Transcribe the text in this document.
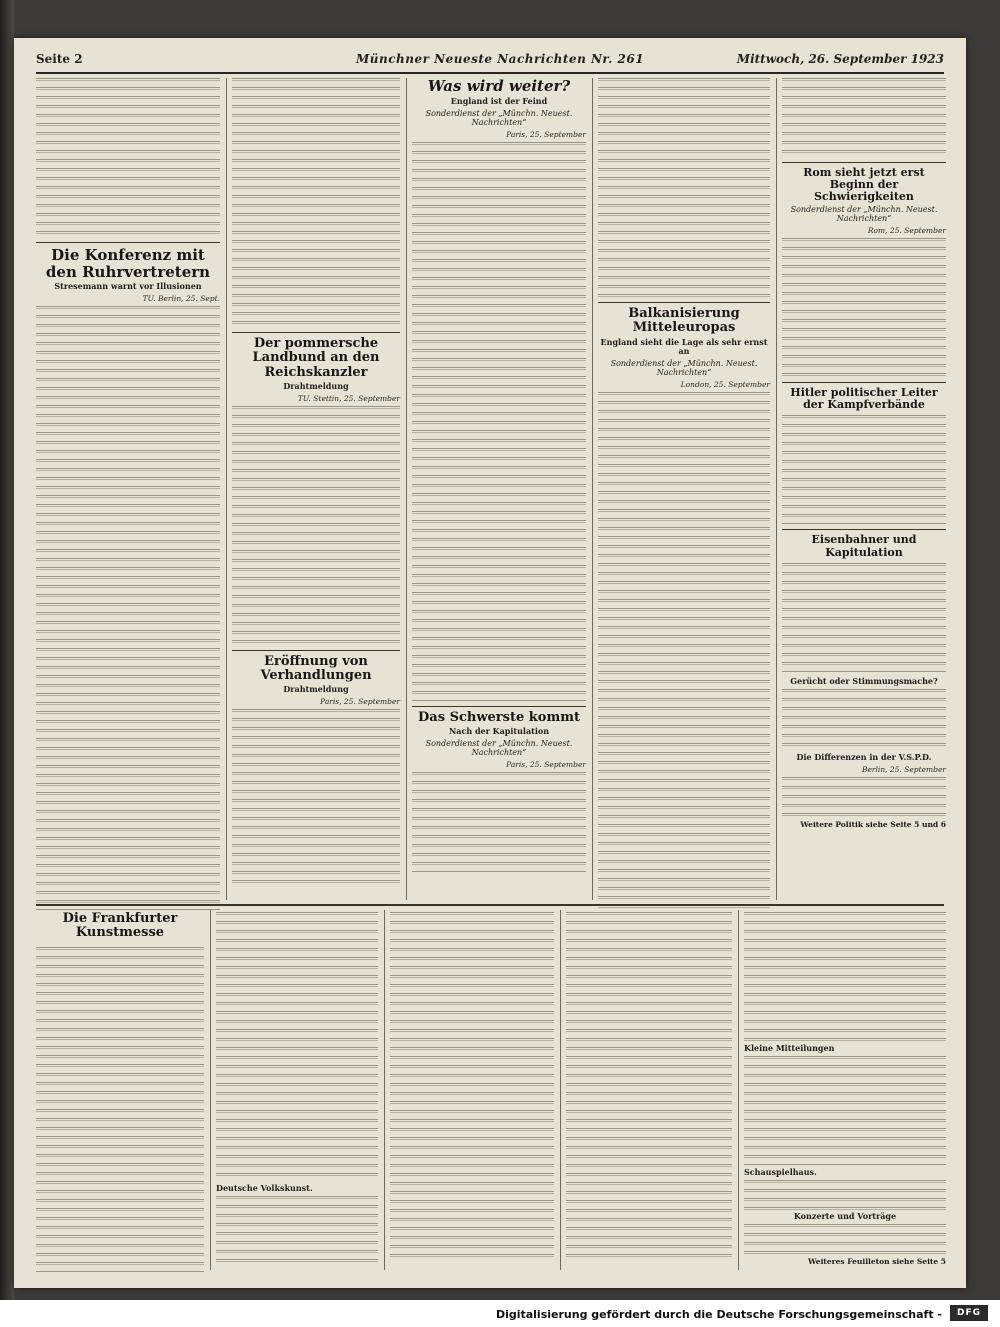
Seite 2	Münchner Neueste Nachrichten Nr. 261	Mittwoch, 26. September 1923
Die Konferenz mit den Ruhrvertretern
Stresemann warnt vor Illusionen
TU. Berlin, 25. Sept.
Der pommersche Landbund an den Reichskanzler
Drahtmeldung
TU. Stettin, 25. September
Eröffnung von Verhandlungen
Drahtmeldung
Paris, 25. September
Was wird weiter?
England ist der Feind
Sonderdienst der „Münchn. Neuest. Nachrichten“
Paris, 25. September
Das Schwerste kommt
Nach der Kapitulation
Sonderdienst der „Münchn. Neuest. Nachrichten“
Paris, 25. September
Balkanisierung Mitteleuropas
England sieht die Lage als sehr ernst an
Sonderdienst der „Münchn. Neuest. Nachrichten“
London, 25. September
Rom sieht jetzt erst Beginn der Schwierigkeiten
Sonderdienst der „Münchn. Neuest. Nachrichten“
Rom, 25. September
Hitler politischer Leiter der Kampfverbände
Eisenbahner und Kapitulation
Gerücht oder Stimmungsmache?
Die Differenzen in der V.S.P.D.
Berlin, 25. September
Weitere Politik siehe Seite 5 und 6
Die Frankfurter Kunstmesse
Deutsche Volkskunst.
Kleine Mitteilungen
Schauspielhaus.
Konzerte und Vorträge
Weiteres Feuilleton siehe Seite 5
Digitalisierung gefördert durch die Deutsche Forschungsgemeinschaft -	DFG
